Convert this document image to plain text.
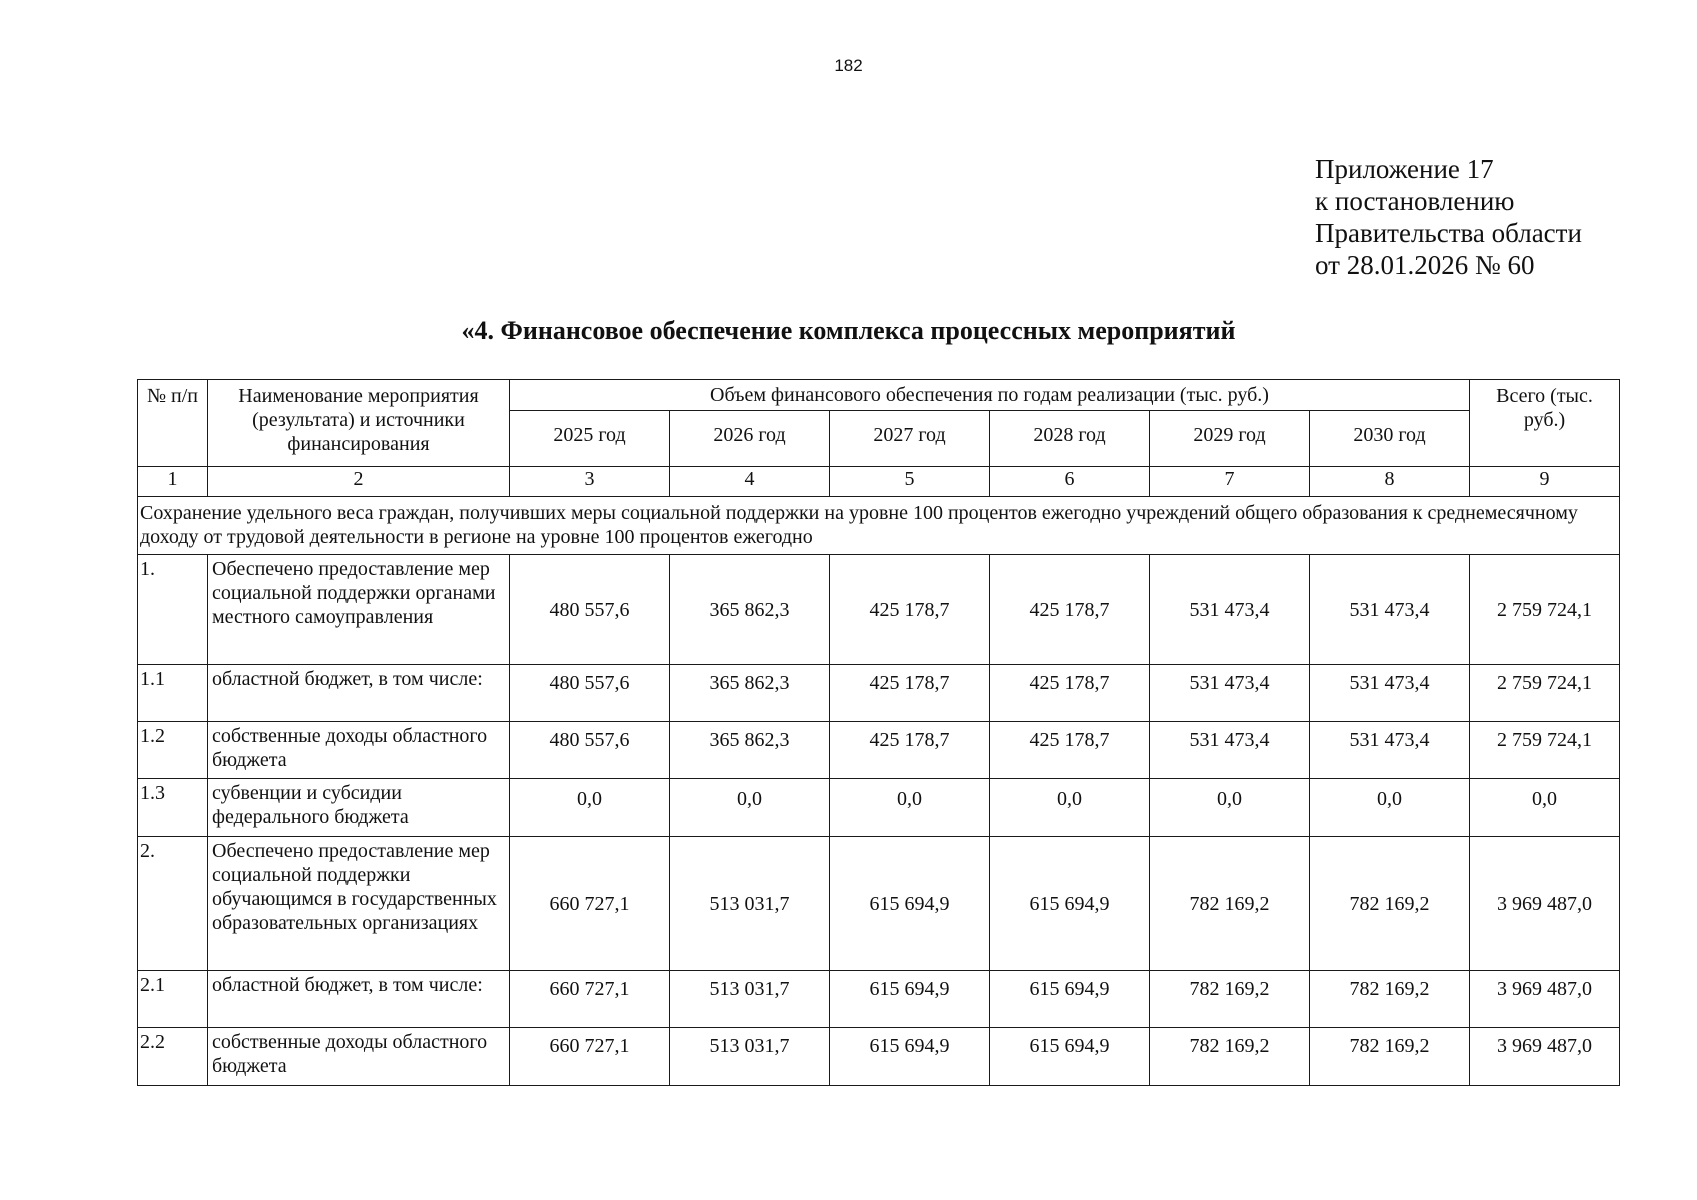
182
Приложение 17
к постановлению
Правительства области
от 28.01.2026 № 60
«4. Финансовое обеспечение комплекса процессных мероприятий
№ п/п	Наименование мероприятия (результата) и источники финансирования	Объем финансового обеспечения по годам реализации (тыс. руб.)						Всего (тыс. руб.)
		2025 год	2026 год	2027 год	2028 год	2029 год	2030 год	
1	2	3	4	5	6	7	8	9
Сохранение удельного веса граждан, получивших меры социальной поддержки на уровне 100 процентов ежегодно учреждений общего образования к среднемесячному доходу от трудовой деятельности в регионе на уровне 100 процентов ежегодно								
1.	Обеспечено предоставление мер социальной поддержки органами местного самоуправления	480 557,6	365 862,3	425 178,7	425 178,7	531 473,4	531 473,4	2 759 724,1
1.1	областной бюджет, в том числе:	480 557,6	365 862,3	425 178,7	425 178,7	531 473,4	531 473,4	2 759 724,1
1.2	собственные доходы областного бюджета	480 557,6	365 862,3	425 178,7	425 178,7	531 473,4	531 473,4	2 759 724,1
1.3	субвенции и субсидии федерального бюджета	0,0	0,0	0,0	0,0	0,0	0,0	0,0
2.	Обеспечено предоставление мер социальной поддержки обучающимся в государственных образовательных организациях	660 727,1	513 031,7	615 694,9	615 694,9	782 169,2	782 169,2	3 969 487,0
2.1	областной бюджет, в том числе:	660 727,1	513 031,7	615 694,9	615 694,9	782 169,2	782 169,2	3 969 487,0
2.2	собственные доходы областного бюджета	660 727,1	513 031,7	615 694,9	615 694,9	782 169,2	782 169,2	3 969 487,0
